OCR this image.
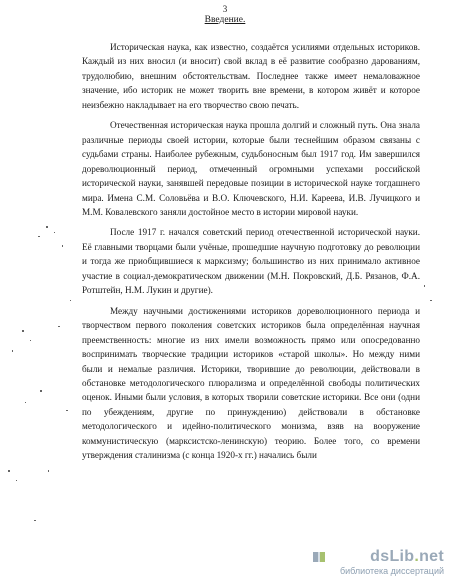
3
Введение.

Историческая наука, как известно, создаётся усилиями отдельных историков. Каждый из них вносил (и вносит) свой вклад в её развитие сообразно дарованиям, трудолюбию, внешним обстоятельствам. Последнее также имеет немаловажное значение, ибо историк не может творить вне времени, в котором живёт и которое неизбежно накладывает на его творчество свою печать.

Отечественная историческая наука прошла долгий и сложный путь. Она знала различные периоды своей истории, которые были теснейшим образом связаны с судьбами страны. Наиболее рубежным, судьбоносным был 1917 год. Им завершился дореволюционный период, отмеченный огромными успехами российской исторической науки, занявшей передовые позиции в исторической науке тогдашнего мира. Имена С.М. Соловьёва и В.О. Ключевского, Н.И. Кареева, И.В. Лучицкого и М.М. Ковалевского заняли достойное место в истории мировой науки.

После 1917 г. начался советский период отечественной исторической науки. Её главными творцами были учёные, прошедшие научную подготовку до революции и тогда же приобщившиеся к марксизму; большинство из них принимало активное участие в социал-демократическом движении (М.Н. Покровский, Д.Б. Рязанов, Ф.А. Ротштейн, Н.М. Лукин и другие).

Между научными достижениями историков дореволюционного периода и творчеством первого поколения советских историков была определённая научная преемственность: многие из них имели возможность прямо или опосредованно воспринимать творческие традиции историков «старой школы». Но между ними были и немалые различия. Историки, творившие до революции, действовали в обстановке методологического плюрализма и определённой свободы политических оценок. Иными были условия, в которых творили советские историки. Все они (одни по убеждениям, другие по принуждению) действовали в обстановке методологического и идейно-политического монизма, взяв на вооружение коммунистическую (марксистско-ленинскую) теорию. Более того, со времени утверждения сталинизма (с конца 1920-х гг.) начались были

dsLib.net
библиотека диссертаций
